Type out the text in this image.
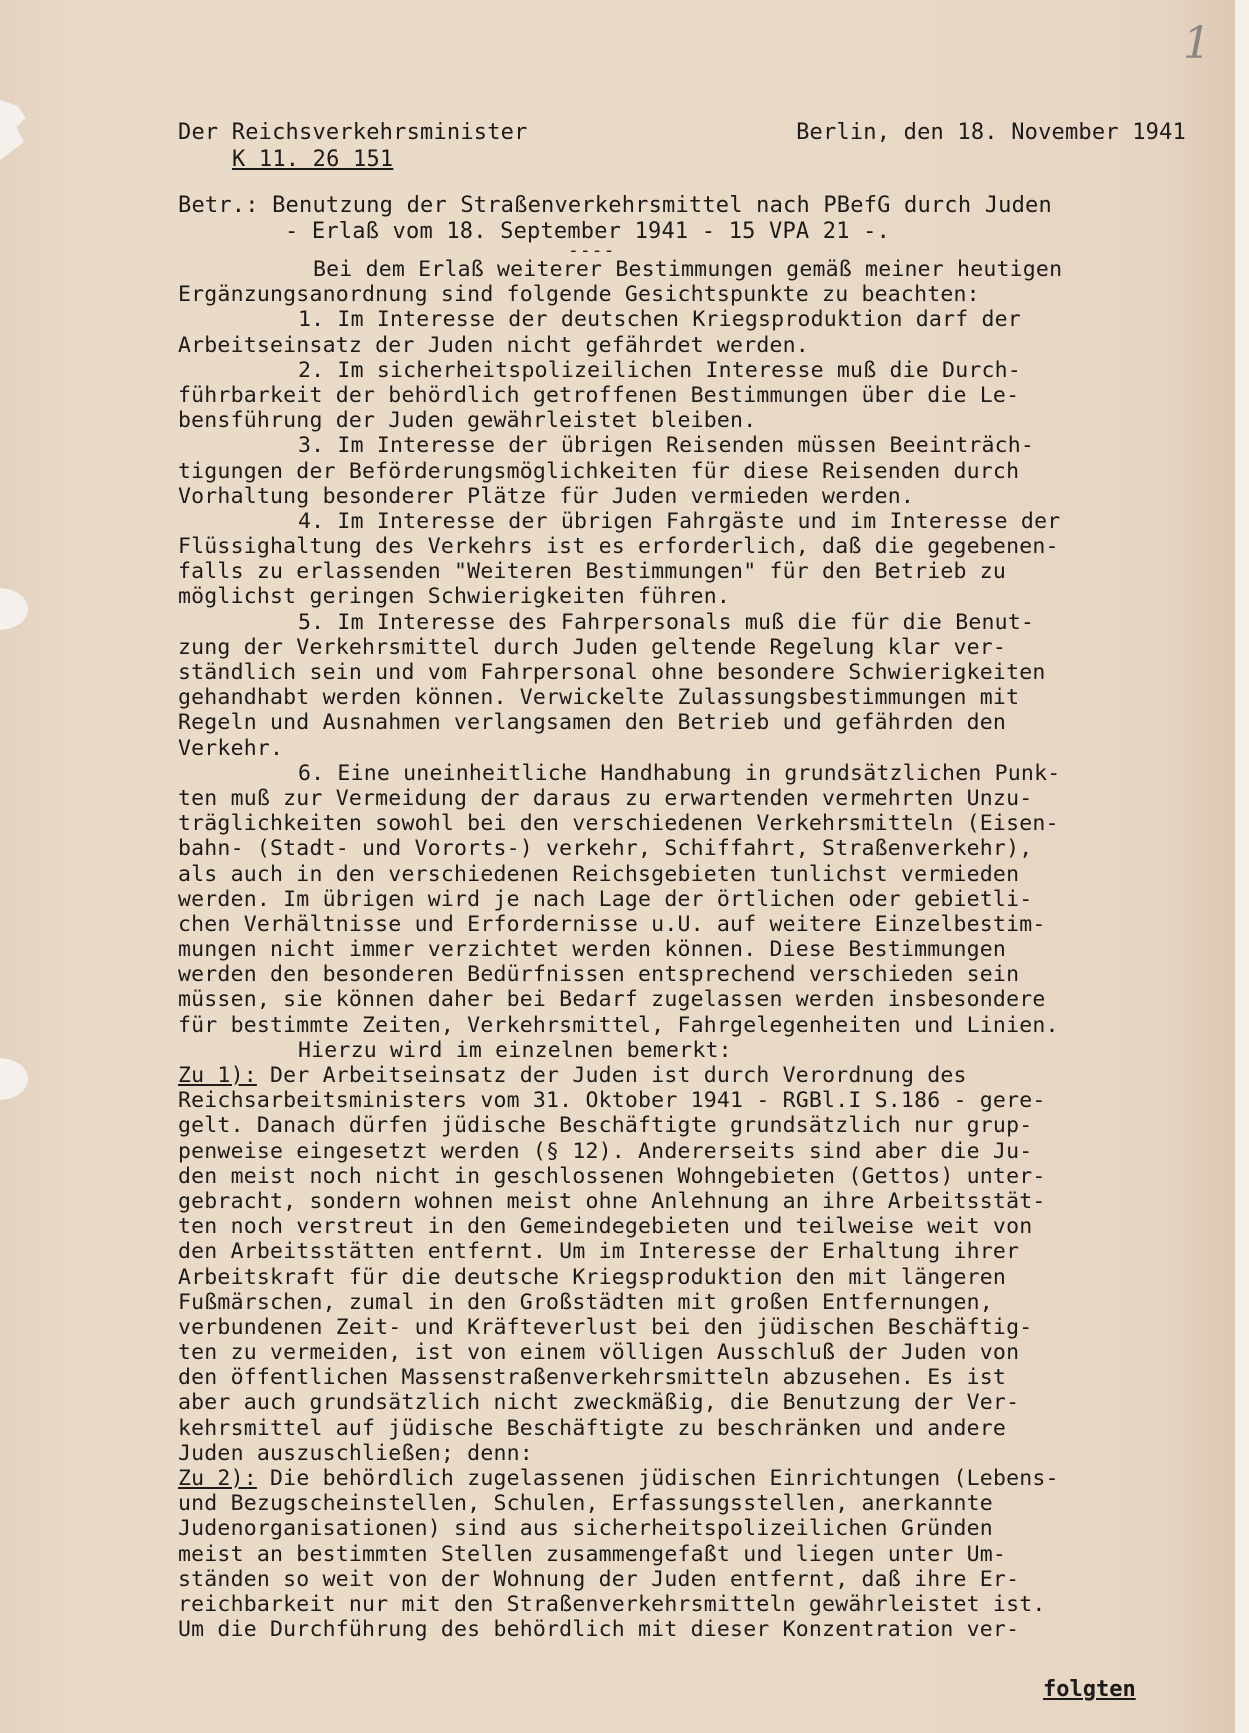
1
Der Reichsverkehrsminister	Berlin, den 18. November 1941
K 11. 26 151
Betr.: Benutzung der Straßenverkehrsmittel nach PBefG durch Juden
- Erlaß vom 18. September 1941 - 15 VPA 21 -.
----
Bei dem Erlaß weiterer Bestimmungen gemäß meiner heutigen
Ergänzungsanordnung sind folgende Gesichtspunkte zu beachten:
1. Im Interesse der deutschen Kriegsproduktion darf der
Arbeitseinsatz der Juden nicht gefährdet werden.
2. Im sicherheitspolizeilichen Interesse muß die Durch-
führbarkeit der behördlich getroffenen Bestimmungen über die Le-
bensführung der Juden gewährleistet bleiben.
3. Im Interesse der übrigen Reisenden müssen Beeinträch-
tigungen der Beförderungsmöglichkeiten für diese Reisenden durch
Vorhaltung besonderer Plätze für Juden vermieden werden.
4. Im Interesse der übrigen Fahrgäste und im Interesse der
Flüssighaltung des Verkehrs ist es erforderlich, daß die gegebenen-
falls zu erlassenden "Weiteren Bestimmungen" für den Betrieb zu
möglichst geringen Schwierigkeiten führen.
5. Im Interesse des Fahrpersonals muß die für die Benut-
zung der Verkehrsmittel durch Juden geltende Regelung klar ver-
ständlich sein und vom Fahrpersonal ohne besondere Schwierigkeiten
gehandhabt werden können. Verwickelte Zulassungsbestimmungen mit
Regeln und Ausnahmen verlangsamen den Betrieb und gefährden den
Verkehr.
6. Eine uneinheitliche Handhabung in grundsätzlichen Punk-
ten muß zur Vermeidung der daraus zu erwartenden vermehrten Unzu-
träglichkeiten sowohl bei den verschiedenen Verkehrsmitteln (Eisen-
bahn- (Stadt- und Vororts-) verkehr, Schiffahrt, Straßenverkehr),
als auch in den verschiedenen Reichsgebieten tunlichst vermieden
werden. Im übrigen wird je nach Lage der örtlichen oder gebietli-
chen Verhältnisse und Erfordernisse u.U. auf weitere Einzelbestim-
mungen nicht immer verzichtet werden können. Diese Bestimmungen
werden den besonderen Bedürfnissen entsprechend verschieden sein
müssen, sie können daher bei Bedarf zugelassen werden insbesondere
für bestimmte Zeiten, Verkehrsmittel, Fahrgelegenheiten und Linien.
Hierzu wird im einzelnen bemerkt:
Zu 1): Der Arbeitseinsatz der Juden ist durch Verordnung des
Reichsarbeitsministers vom 31. Oktober 1941 - RGBl.I S.186 - gere-
gelt. Danach dürfen jüdische Beschäftigte grundsätzlich nur grup-
penweise eingesetzt werden (§ 12). Andererseits sind aber die Ju-
den meist noch nicht in geschlossenen Wohngebieten (Gettos) unter-
gebracht, sondern wohnen meist ohne Anlehnung an ihre Arbeitsstät-
ten noch verstreut in den Gemeindegebieten und teilweise weit von
den Arbeitsstätten entfernt. Um im Interesse der Erhaltung ihrer
Arbeitskraft für die deutsche Kriegsproduktion den mit längeren
Fußmärschen, zumal in den Großstädten mit großen Entfernungen,
verbundenen Zeit- und Kräfteverlust bei den jüdischen Beschäftig-
ten zu vermeiden, ist von einem völligen Ausschluß der Juden von
den öffentlichen Massenstraßenverkehrsmitteln abzusehen. Es ist
aber auch grundsätzlich nicht zweckmäßig, die Benutzung der Ver-
kehrsmittel auf jüdische Beschäftigte zu beschränken und andere
Juden auszuschließen; denn:
Zu 2): Die behördlich zugelassenen jüdischen Einrichtungen (Lebens-
und Bezugscheinstellen, Schulen, Erfassungsstellen, anerkannte
Judenorganisationen) sind aus sicherheitspolizeilichen Gründen
meist an bestimmten Stellen zusammengefaßt und liegen unter Um-
ständen so weit von der Wohnung der Juden entfernt, daß ihre Er-
reichbarkeit nur mit den Straßenverkehrsmitteln gewährleistet ist.
Um die Durchführung des behördlich mit dieser Konzentration ver-
folgten
